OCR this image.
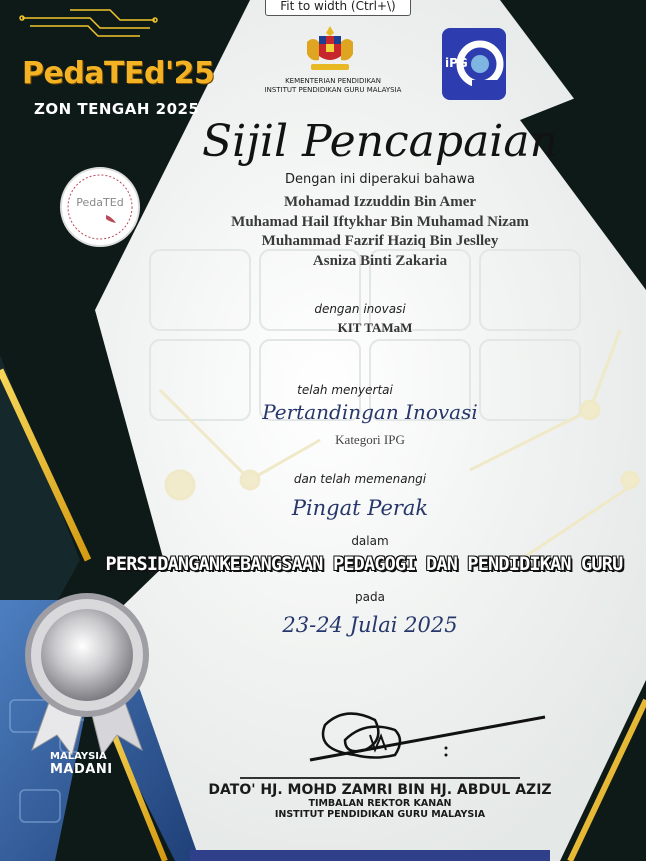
Fit to width (Ctrl+\)
PedaTEd'25
ZON TENGAH 2025
PedaTEd
KEMENTERIAN PENDIDIKAN
INSTITUT PENDIDIKAN GURU MALAYSIA
iPG
Sijil Pencapaian
Dengan ini diperakui bahawa
Mohamad Izzuddin Bin Amer
Muhamad Hail Iftykhar Bin Muhamad Nizam
Muhammad Fazrif Haziq Bin Jeslley
Asniza Binti Zakaria
dengan inovasi
KIT TAMaM
telah menyertai
Pertandingan Inovasi
Kategori IPG
dan telah memenangi
Pingat Perak
dalam
PERSIDANGANKEBANGSAAN PEDAGOGI DAN PENDIDIKAN GURU
pada
23-24 Julai 2025
MALAYSIA
MADANI
DATO' HJ. MOHD ZAMRI BIN HJ. ABDUL AZIZ
TIMBALAN REKTOR KANAN
INSTITUT PENDIDIKAN GURU MALAYSIA
